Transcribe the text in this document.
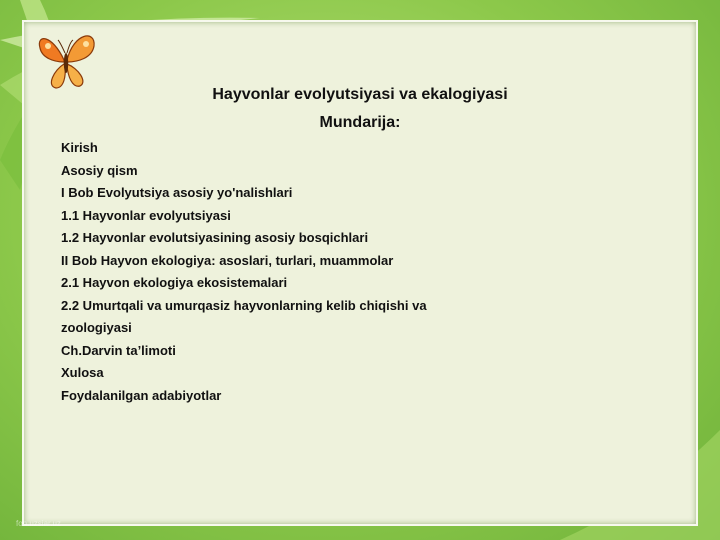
Hayvonlar evolyutsiyasi va ekalogiyasi
Mundarija:
Kirish
Asosiy qism
I Bob Evolyutsiya asosiy yo'nalishlari
1.1 Hayvonlar evolyutsiyasi
1.2 Hayvonlar evolutsiyasining asosiy bosqichlari
II Bob Hayvon ekologiya: asoslari, turlari, muammolar
2.1 Hayvon ekologiya ekosistemalari
2.2 Umurtqali va umurqasiz hayvonlarning kelib chiqishi va
zoologiyasi
Ch.Darvin ta’limoti
Xulosa
Foydalanilgan adabiyotlar
fon.uzsiar.uz
